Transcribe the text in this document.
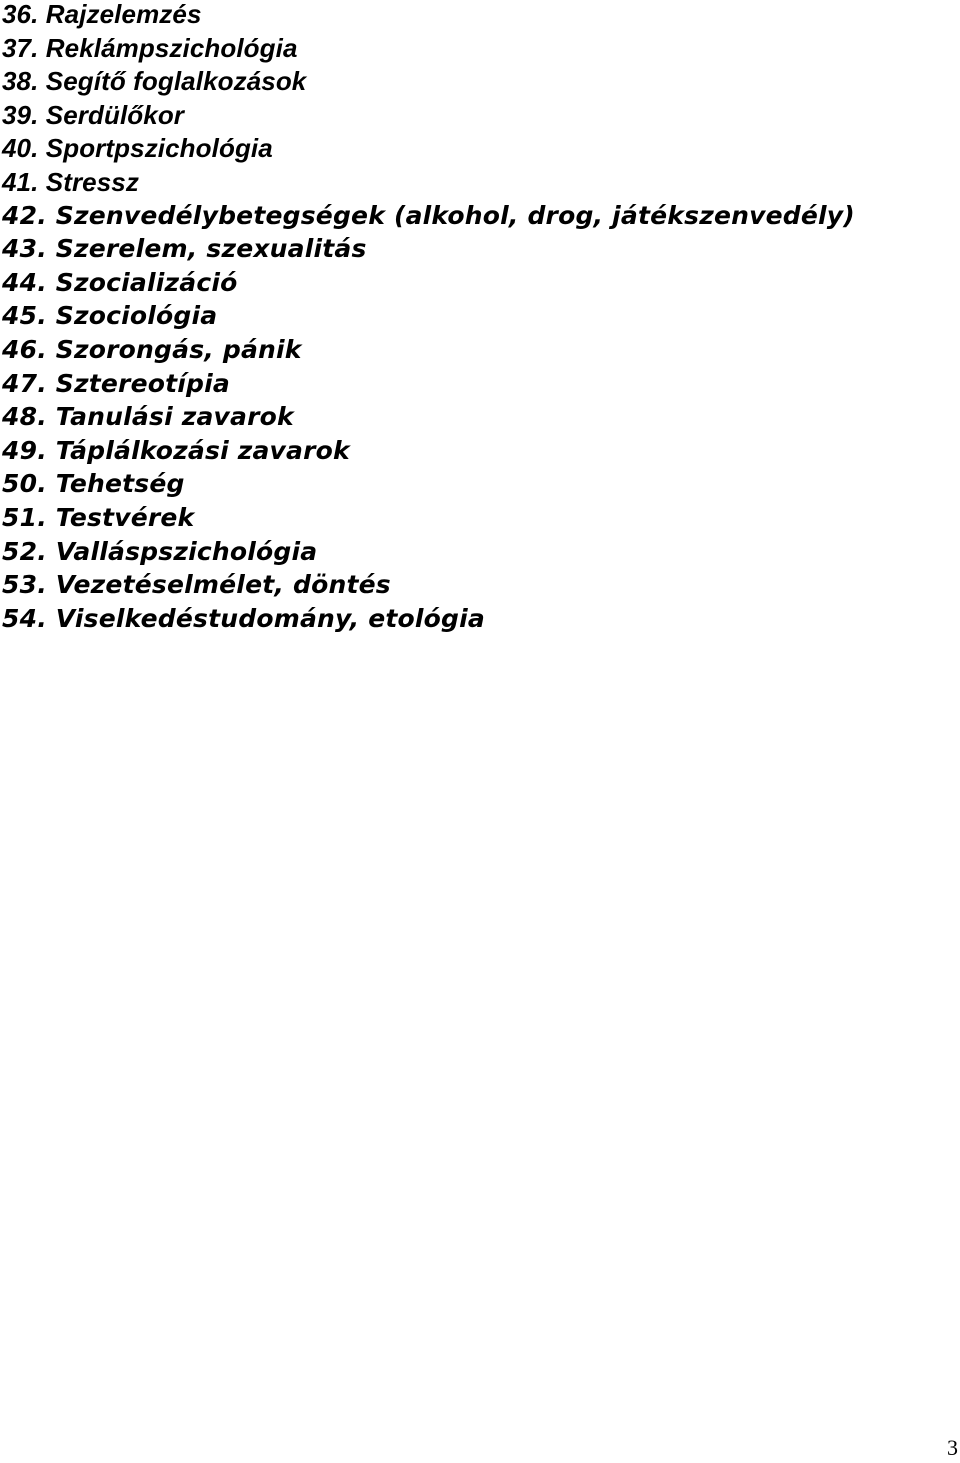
36. Rajzelemzés
37. Reklámpszichológia
38. Segítő foglalkozások
39. Serdülőkor
40. Sportpszichológia
41. Stressz
42. Szenvedélybetegségek (alkohol, drog, játékszenvedély)
43. Szerelem, szexualitás
44. Szocializáció
45. Szociológia
46. Szorongás, pánik
47. Sztereotípia
48. Tanulási zavarok
49. Táplálkozási zavarok
50. Tehetség
51. Testvérek
52. Valláspszichológia
53. Vezetéselmélet, döntés
54. Viselkedéstudomány, etológia
3
